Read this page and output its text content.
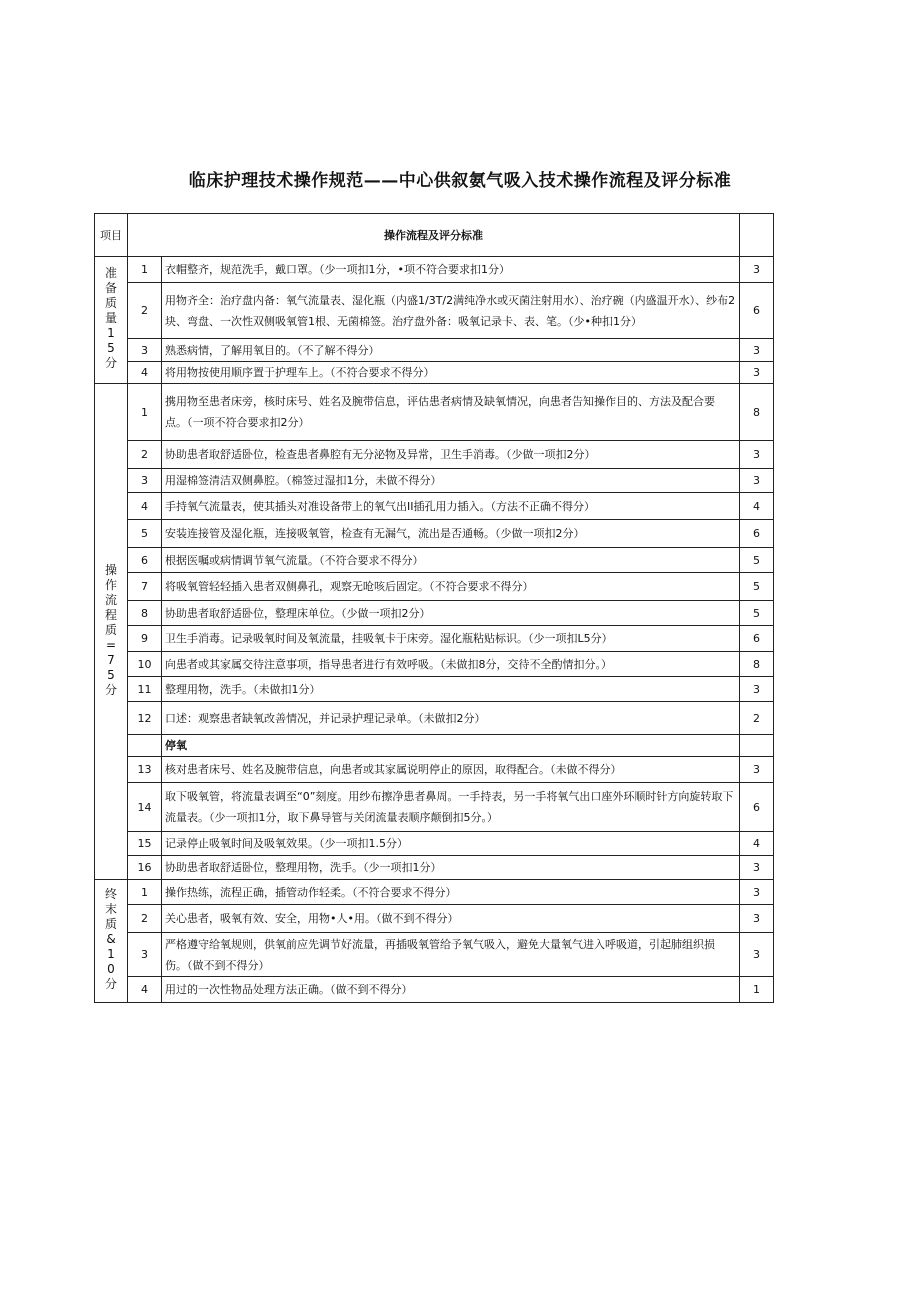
临床护理技术操作规范——中心供叙氨气吸入技术操作流程及评分标准
项目	操作流程及评分标准		
准备质量15分	1	衣帽整齐，规范洗手，戴口罩。（少一项扣1分，•项不符合要求扣1分）	3
	2	用物齐全：治疗盘内备：氧气流量表、湿化瓶（内盛1/3T/2满纯净水或灭菌注射用水）、治疗碗（内盛温开水）、纱布2块、弯盘、一次性双侧吸氧管1根、无菌棉签。治疗盘外备：吸氧记录卡、表、笔。（少•种扣1分）	6
	3	熟悉病情，了解用氧目的。（不了解不得分）	3
	4	将用物按使用顺序置于护理车上。（不符合要求不得分）	3
操作流程质=75分	1	携用物至患者床旁，核时床号、姓名及腕带信息，评估患者病情及缺氧情况，向患者告知操作目的、方法及配合要点。（一项不符合要求扣2分）	8
	2	协助患者取舒适卧位，检查患者鼻腔有无分泌物及异常，卫生手消毒。（少做一项扣2分）	3
	3	用湿棉签清洁双侧鼻腔。（棉签过湿扣1分，未做不得分）	3
	4	手持氧气流量表，使其插头对准设备带上的氧气出II插孔用力插入。（方法不正确不得分）	4
	5	安装连接管及湿化瓶，连接吸氧管，检查有无漏气，流出是否通畅。（少做一项扣2分）	6
	6	根据医嘱或病情调节氧气流量。（不符合要求不得分）	5
	7	将吸氧管轻轻插入患者双侧鼻孔，观察无呛咳后固定。（不符合要求不得分）	5
	8	协助患者取舒适卧位，整理床单位。（少做一项扣2分）	5
	9	卫生手消毒。记录吸氧时间及氧流量，挂吸氧卡于床旁。湿化瓶粘贴标识。（少一项扣L5分）	6
	10	向患者或其家属交待注意事项，指导患者进行有效呼吸。（未做扣8分，交待不全酌情扣分。）	8
	11	整理用物，洗手。（未做扣1分）	3
	12	口述：观察患者缺氧改善情况，并记录护理记录单。（未做扣2分）	2
		停氧	
	13	核对患者床号、姓名及腕带信息，向患者或其家属说明停止的原因，取得配合。（未做不得分）	3
	14	取下吸氧管，将流量表调至“0”刻度。用纱布擦净患者鼻周。一手持表，另一手将氧气出口座外环顺时针方向旋转取下流量表。（少一项扣1分，取下鼻导管与关闭流量表顺序颠倒扣5分。）	6
	15	记录停止吸氧时间及吸氧效果。（少一项扣1.5分）	4
	16	协助患者取舒适卧位，整理用物，洗手。（少一项扣1分）	3
终末质&10分	1	操作热练，流程正确，插管动作轻柔。（不符合要求不得分）	3
	2	关心患者，吸氧有效、安全，用物•人•用。（做不到不得分）	3
	3	严格遵守给氧规则，供氧前应先调节好流量，再插吸氧管给予氧气吸入，避免大量氧气进入呼吸道，引起肺组织损伤。（做不到不得分）	3
	4	用过的一次性物品处理方法正确。（做不到不得分）	1
